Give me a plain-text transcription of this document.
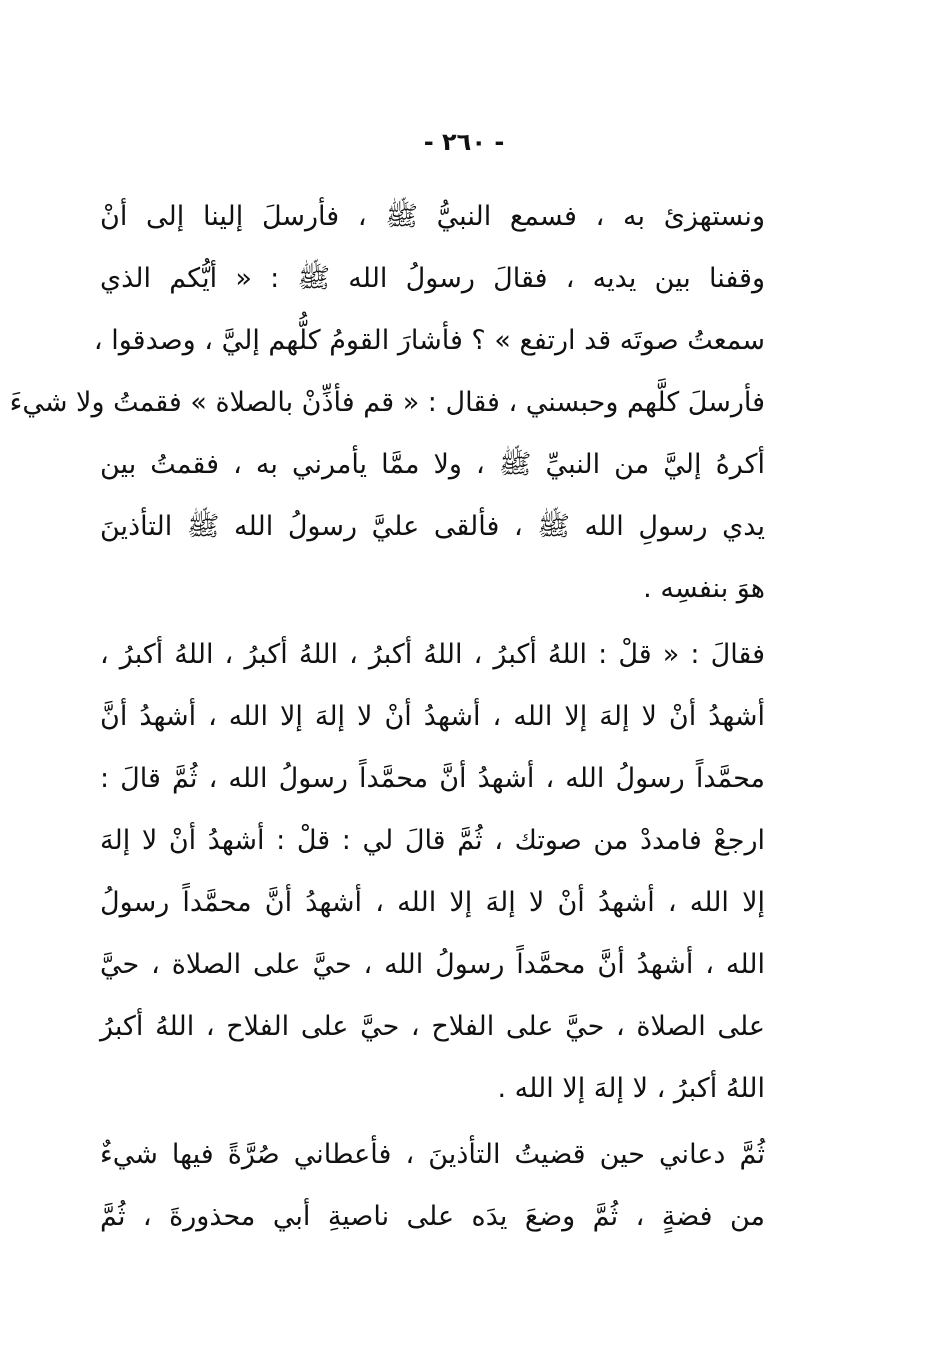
- ٢٦٠ -
ونستهزئ به ، فسمع النبيُّ ﷺ ، فأرسلَ إلينا إلى أنْ
وقفنا بين يديه ، فقالَ رسولُ الله ﷺ : « أيُّكم الذي
سمعتُ صوتَه قد ارتفع » ؟ فأشارَ القومُ كلُّهم إليَّ ، وصدقوا ،
فأرسلَ كلَّهم وحبسني ، فقال : « قم فأذِّنْ بالصلاة » فقمتُ ولا شيءَ
أكرهُ إليَّ من النبيِّ ﷺ ، ولا ممَّا يأمرني به ، فقمتُ بين
يدي رسولِ الله ﷺ ، فألقى عليَّ رسولُ الله ﷺ التأذينَ
هوَ بنفسِه .
فقالَ : « قلْ : اللهُ أكبرُ ، اللهُ أكبرُ ، اللهُ أكبرُ ، اللهُ أكبرُ ،
أشهدُ أنْ لا إلهَ إلا الله ، أشهدُ أنْ لا إلهَ إلا الله ، أشهدُ أنَّ
محمَّداً رسولُ الله ، أشهدُ أنَّ محمَّداً رسولُ الله ، ثُمَّ قالَ :
ارجعْ فامددْ من صوتك ، ثُمَّ قالَ لي : قلْ : أشهدُ أنْ لا إلهَ
إلا الله ، أشهدُ أنْ لا إلهَ إلا الله ، أشهدُ أنَّ محمَّداً رسولُ
الله ، أشهدُ أنَّ محمَّداً رسولُ الله ، حيَّ على الصلاة ، حيَّ
على الصلاة ، حيَّ على الفلاح ، حيَّ على الفلاح ، اللهُ أكبرُ
اللهُ أكبرُ ، لا إلهَ إلا الله .
ثُمَّ دعاني حين قضيتُ التأذينَ ، فأعطاني صُرَّةً فيها شيءٌ
من فضةٍ ، ثُمَّ وضعَ يدَه على ناصيةِ أبي محذورةَ ، ثُمَّ
